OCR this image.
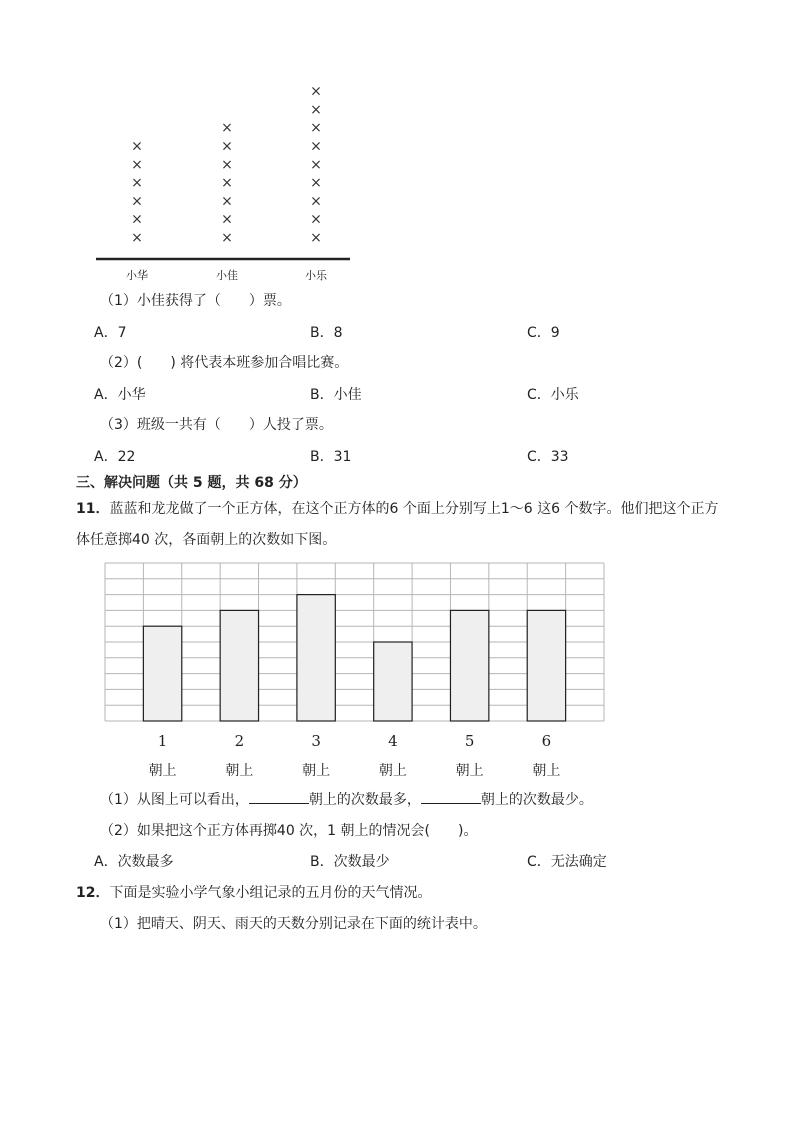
×
×
×
×
×
×
×
×
×
×
×
×
×
×
×
×
×
×
×
×
×
×
小华	小佳	小乐
（1）小佳获得了（　　）票。
A．7	B．8	C．9
（2）(　　) 将代表本班参加合唱比赛。
A．小华	B．小佳	C．小乐
（3）班级一共有（　　）人投了票。
A．22	B．31	C．33
三、解决问题（共 5 题，共 68 分）
11．蓝蓝和龙龙做了一个正方体，在这个正方体的6 个面上分别写上1～6 这6 个数字。他们把这个正方
体任意掷40 次，各面朝上的次数如下图。
1
朝上
2
朝上
3
朝上
4
朝上
5
朝上
6
朝上
（1）从图上可以看出，	朝上的次数最多，	朝上的次数最少。
（2）如果把这个正方体再掷40 次，1 朝上的情况会(　　)。
A．次数最多	B．次数最少	C．无法确定
12．下面是实验小学气象小组记录的五月份的天气情况。
（1）把晴天、阴天、雨天的天数分别记录在下面的统计表中。
